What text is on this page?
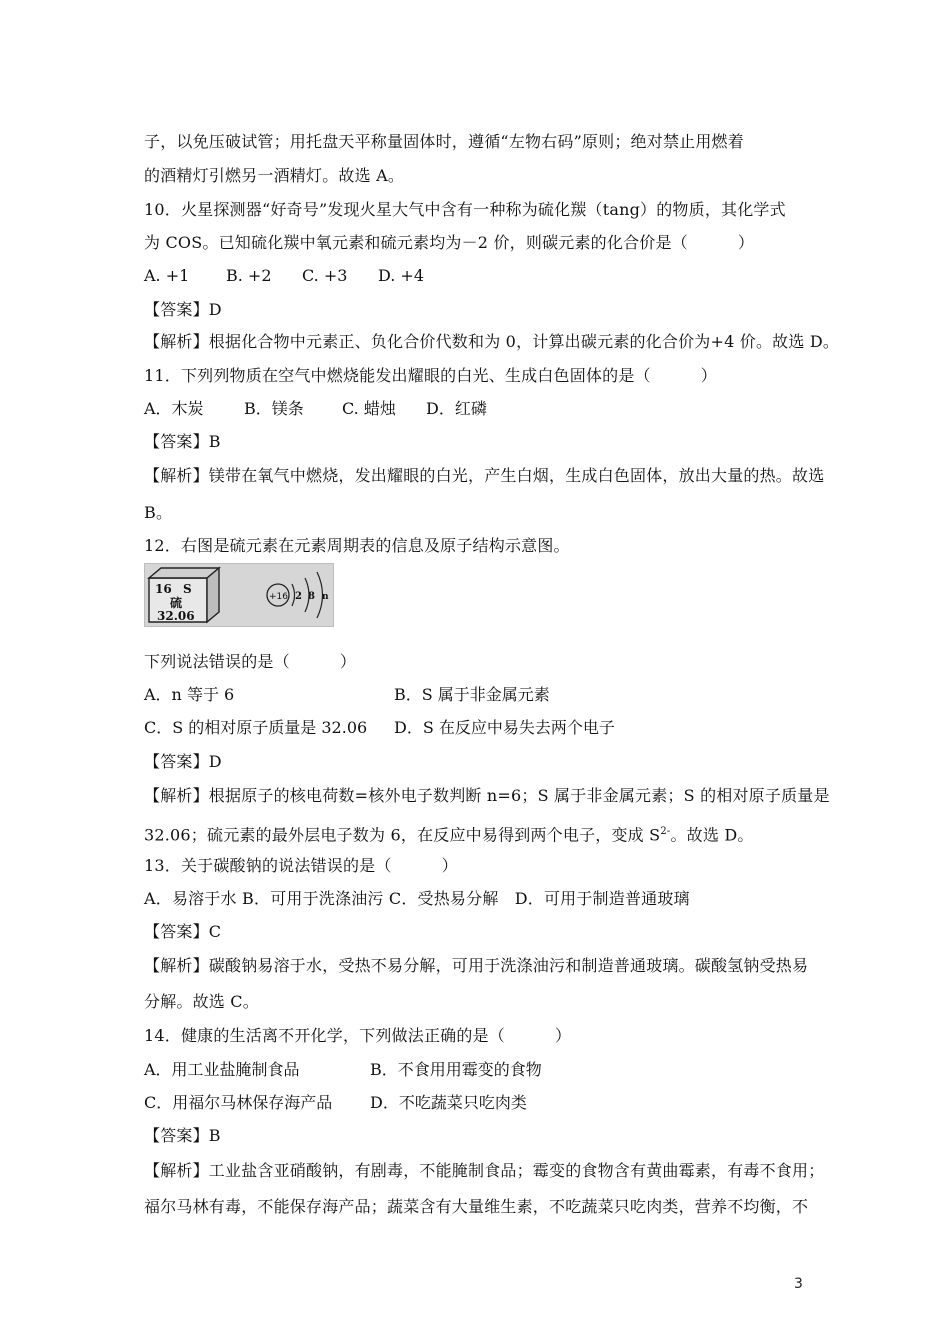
子，以免压破试管；用托盘天平称量固体时，遵循“左物右码”原则；绝对禁止用燃着
的酒精灯引燃另一酒精灯。故选 A。
10．火星探测器“好奇号”发现火星大气中含有一种称为硫化羰（tang）的物质，其化学式
为 COS。已知硫化羰中氧元素和硫元素均为－2 价，则碳元素的化合价是（	）
A. +1 B. +2 C. +3 D. +4
【答案】D
【解析】根据化合物中元素正、负化合价代数和为 0，计算出碳元素的化合价为+4 价。故选 D。
11．下列列物质在空气中燃烧能发出耀眼的白光、生成白色固体的是（	）
A．木炭	B．镁条 C. 蜡烛 D．红磷
【答案】B
【解析】镁带在氧气中燃烧，发出耀眼的白光，产生白烟，生成白色固体，放出大量的热。故选
B。
12．右图是硫元素在元素周期表的信息及原子结构示意图。
16 S
硫
32.06
+16 2 8 n
下列说法错误的是（	）
A．n 等于 6	B．S 属于非金属元素
C．S 的相对原子质量是 32.06 D．S 在反应中易失去两个电子
【答案】D
【解析】根据原子的核电荷数=核外电子数判断 n=6；S 属于非金属元素；S 的相对原子质量是
32.06；硫元素的最外层电子数为 6，在反应中易得到两个电子，变成 $S^{2-}$。故选 D。
13．关于碳酸钠的说法错误的是（	）
A．易溶于水 B．可用于洗涤油污 C．受热易分解　D．可用于制造普通玻璃
【答案】C
【解析】碳酸钠易溶于水，受热不易分解，可用于洗涤油污和制造普通玻璃。碳酸氢钠受热易
分解。故选 C。
14．健康的生活离不开化学，下列做法正确的是（	）
A．用工业盐腌制食品	B．不食用用霉变的食物
C．用福尔马林保存海产品 D．不吃蔬菜只吃肉类
【答案】B
【解析】工业盐含亚硝酸钠，有剧毒，不能腌制食品；霉变的食物含有黄曲霉素，有毒不食用；
福尔马林有毒，不能保存海产品；蔬菜含有大量维生素，不吃蔬菜只吃肉类，营养不均衡，不
3
